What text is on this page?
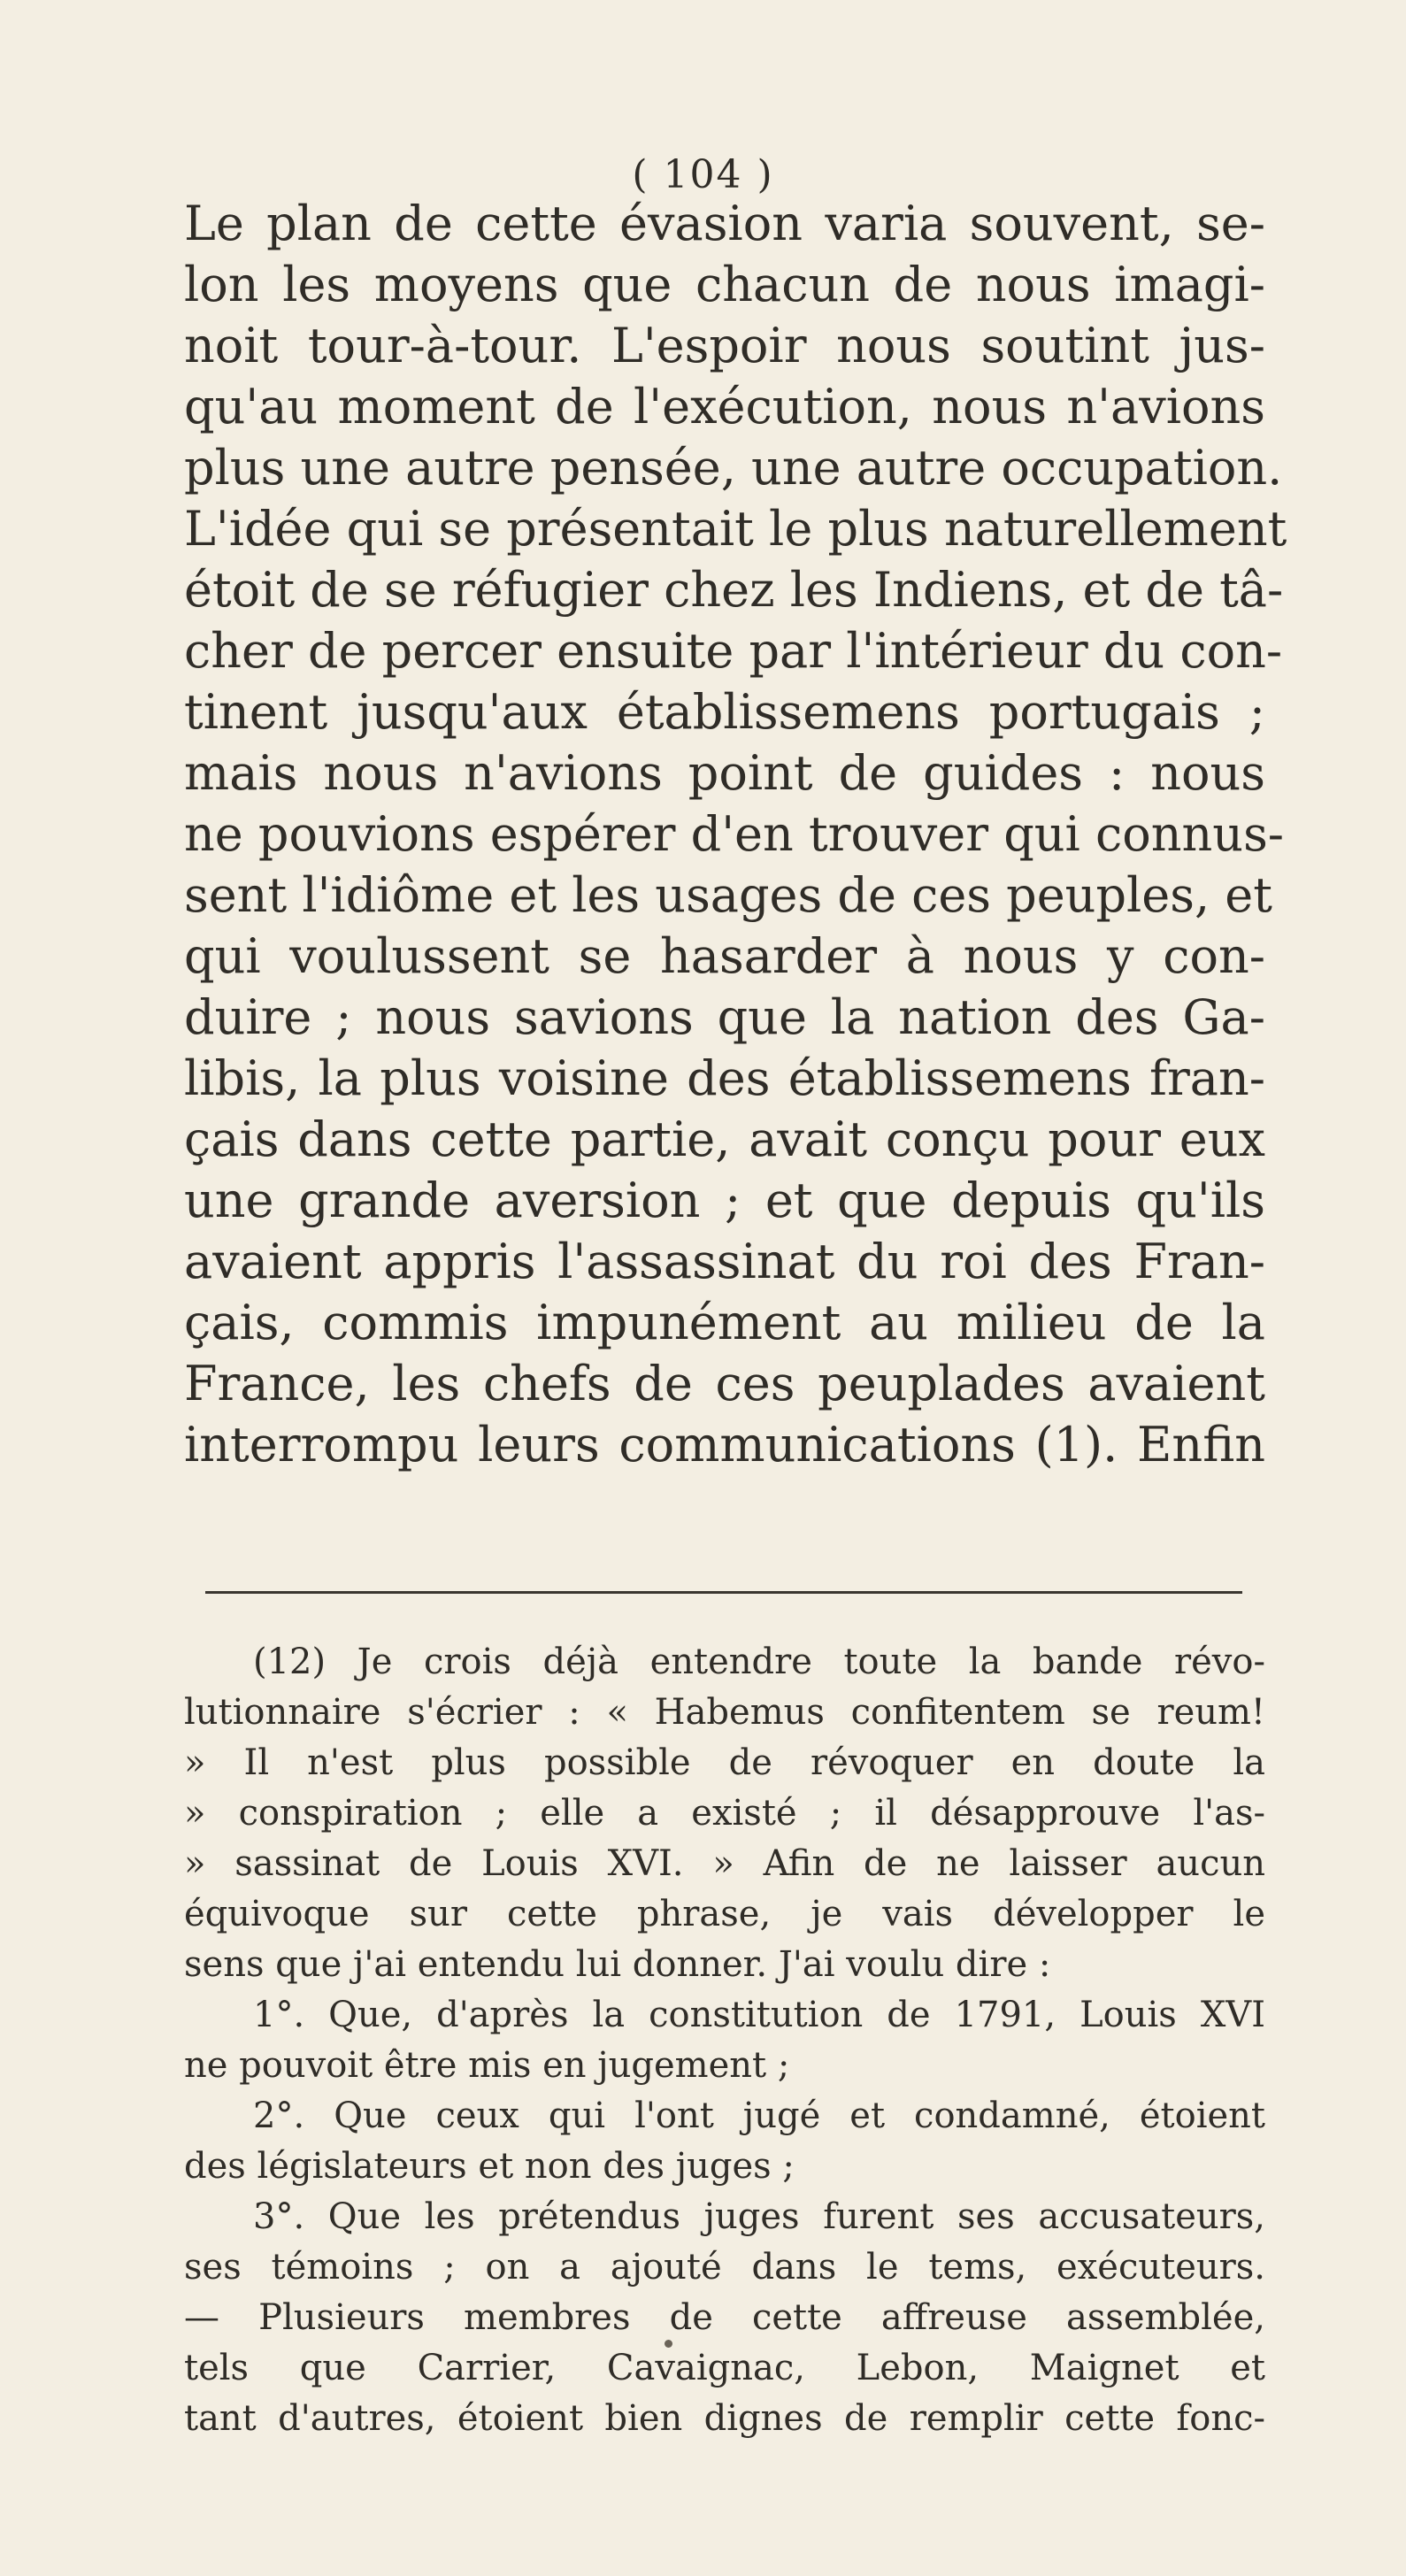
( 104 )
Le plan de cette évasion varia souvent, se-
lon les moyens que chacun de nous imagi-
noit tour-à-tour. L'espoir nous soutint jus-
qu'au moment de l'exécution, nous n'avions
plus une autre pensée, une autre occupation.
L'idée qui se présentait le plus naturellement
étoit de se réfugier chez les Indiens, et de tâ-
cher de percer ensuite par l'intérieur du con-
tinent jusqu'aux établissemens portugais ;
mais nous n'avions point de guides : nous
ne pouvions espérer d'en trouver qui connus-
sent l'idiôme et les usages de ces peuples, et
qui voulussent se hasarder à nous y con-
duire ; nous savions que la nation des Ga-
libis, la plus voisine des établissemens fran-
çais dans cette partie, avait conçu pour eux
une grande aversion ; et que depuis qu'ils
avaient appris l'assassinat du roi des Fran-
çais, commis impunément au milieu de la
France, les chefs de ces peuplades avaient
interrompu leurs communications (1). Enfin
(12) Je crois déjà entendre toute la bande révo-
lutionnaire s'écrier : « Habemus confitentem se reum!
» Il n'est plus possible de révoquer en doute la
» conspiration ; elle a existé ; il désapprouve l'as-
» sassinat de Louis XVI. » Afin de ne laisser aucun
équivoque sur cette phrase, je vais développer le
sens que j'ai entendu lui donner. J'ai voulu dire :
1°. Que, d'après la constitution de 1791, Louis XVI
ne pouvoit être mis en jugement ;
2°. Que ceux qui l'ont jugé et condamné, étoient
des législateurs et non des juges ;
3°. Que les prétendus juges furent ses accusateurs,
ses témoins ; on a ajouté dans le tems, exécuteurs.
— Plusieurs membres de cette affreuse assemblée,
tels que Carrier, Cavaignac, Lebon, Maignet et
tant d'autres, étoient bien dignes de remplir cette fonc-
